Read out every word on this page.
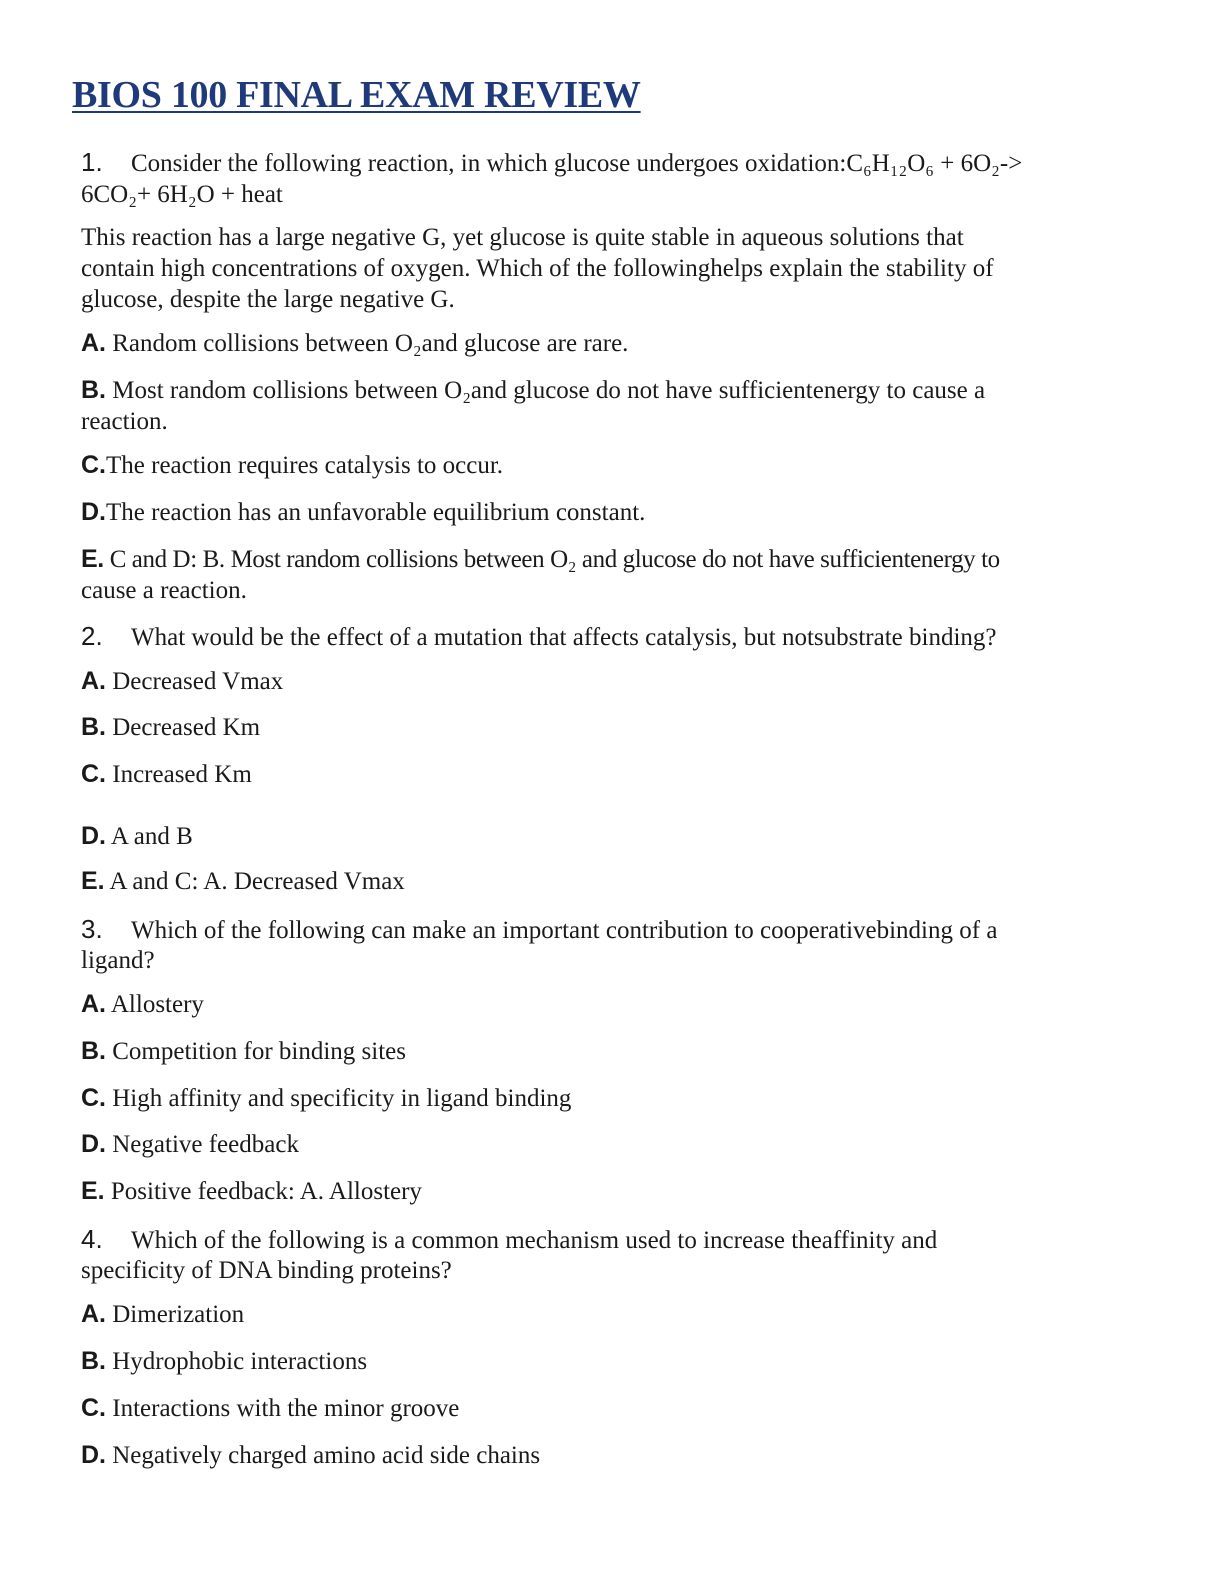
BIOS 100 FINAL EXAM REVIEW
1. Consider the following reaction, in which glucose undergoes oxidation:C₆H₁₂O₆ + 6O₂->
6CO₂+ 6H₂O + heat
This reaction has a large negative G, yet glucose is quite stable in aqueous solutions that
contain high concentrations of oxygen. Which of the followinghelps explain the stability of
glucose, despite the large negative G.
A. Random collisions between O₂and glucose are rare.
B. Most random collisions between O₂and glucose do not have sufficientenergy to cause a
reaction.
C.The reaction requires catalysis to occur.
D.The reaction has an unfavorable equilibrium constant.
E. C and D: B. Most random collisions between O₂ and glucose do not have sufficientenergy to
cause a reaction.
2. What would be the effect of a mutation that affects catalysis, but notsubstrate binding?
A. Decreased Vmax
B. Decreased Km
C. Increased Km
D. A and B
E. A and C: A. Decreased Vmax
3. Which of the following can make an important contribution to cooperativebinding of a
ligand?
A. Allostery
B. Competition for binding sites
C. High affinity and specificity in ligand binding
D. Negative feedback
E. Positive feedback: A. Allostery
4. Which of the following is a common mechanism used to increase theaffinity and
specificity of DNA binding proteins?
A. Dimerization
B. Hydrophobic interactions
C. Interactions with the minor groove
D. Negatively charged amino acid side chains
